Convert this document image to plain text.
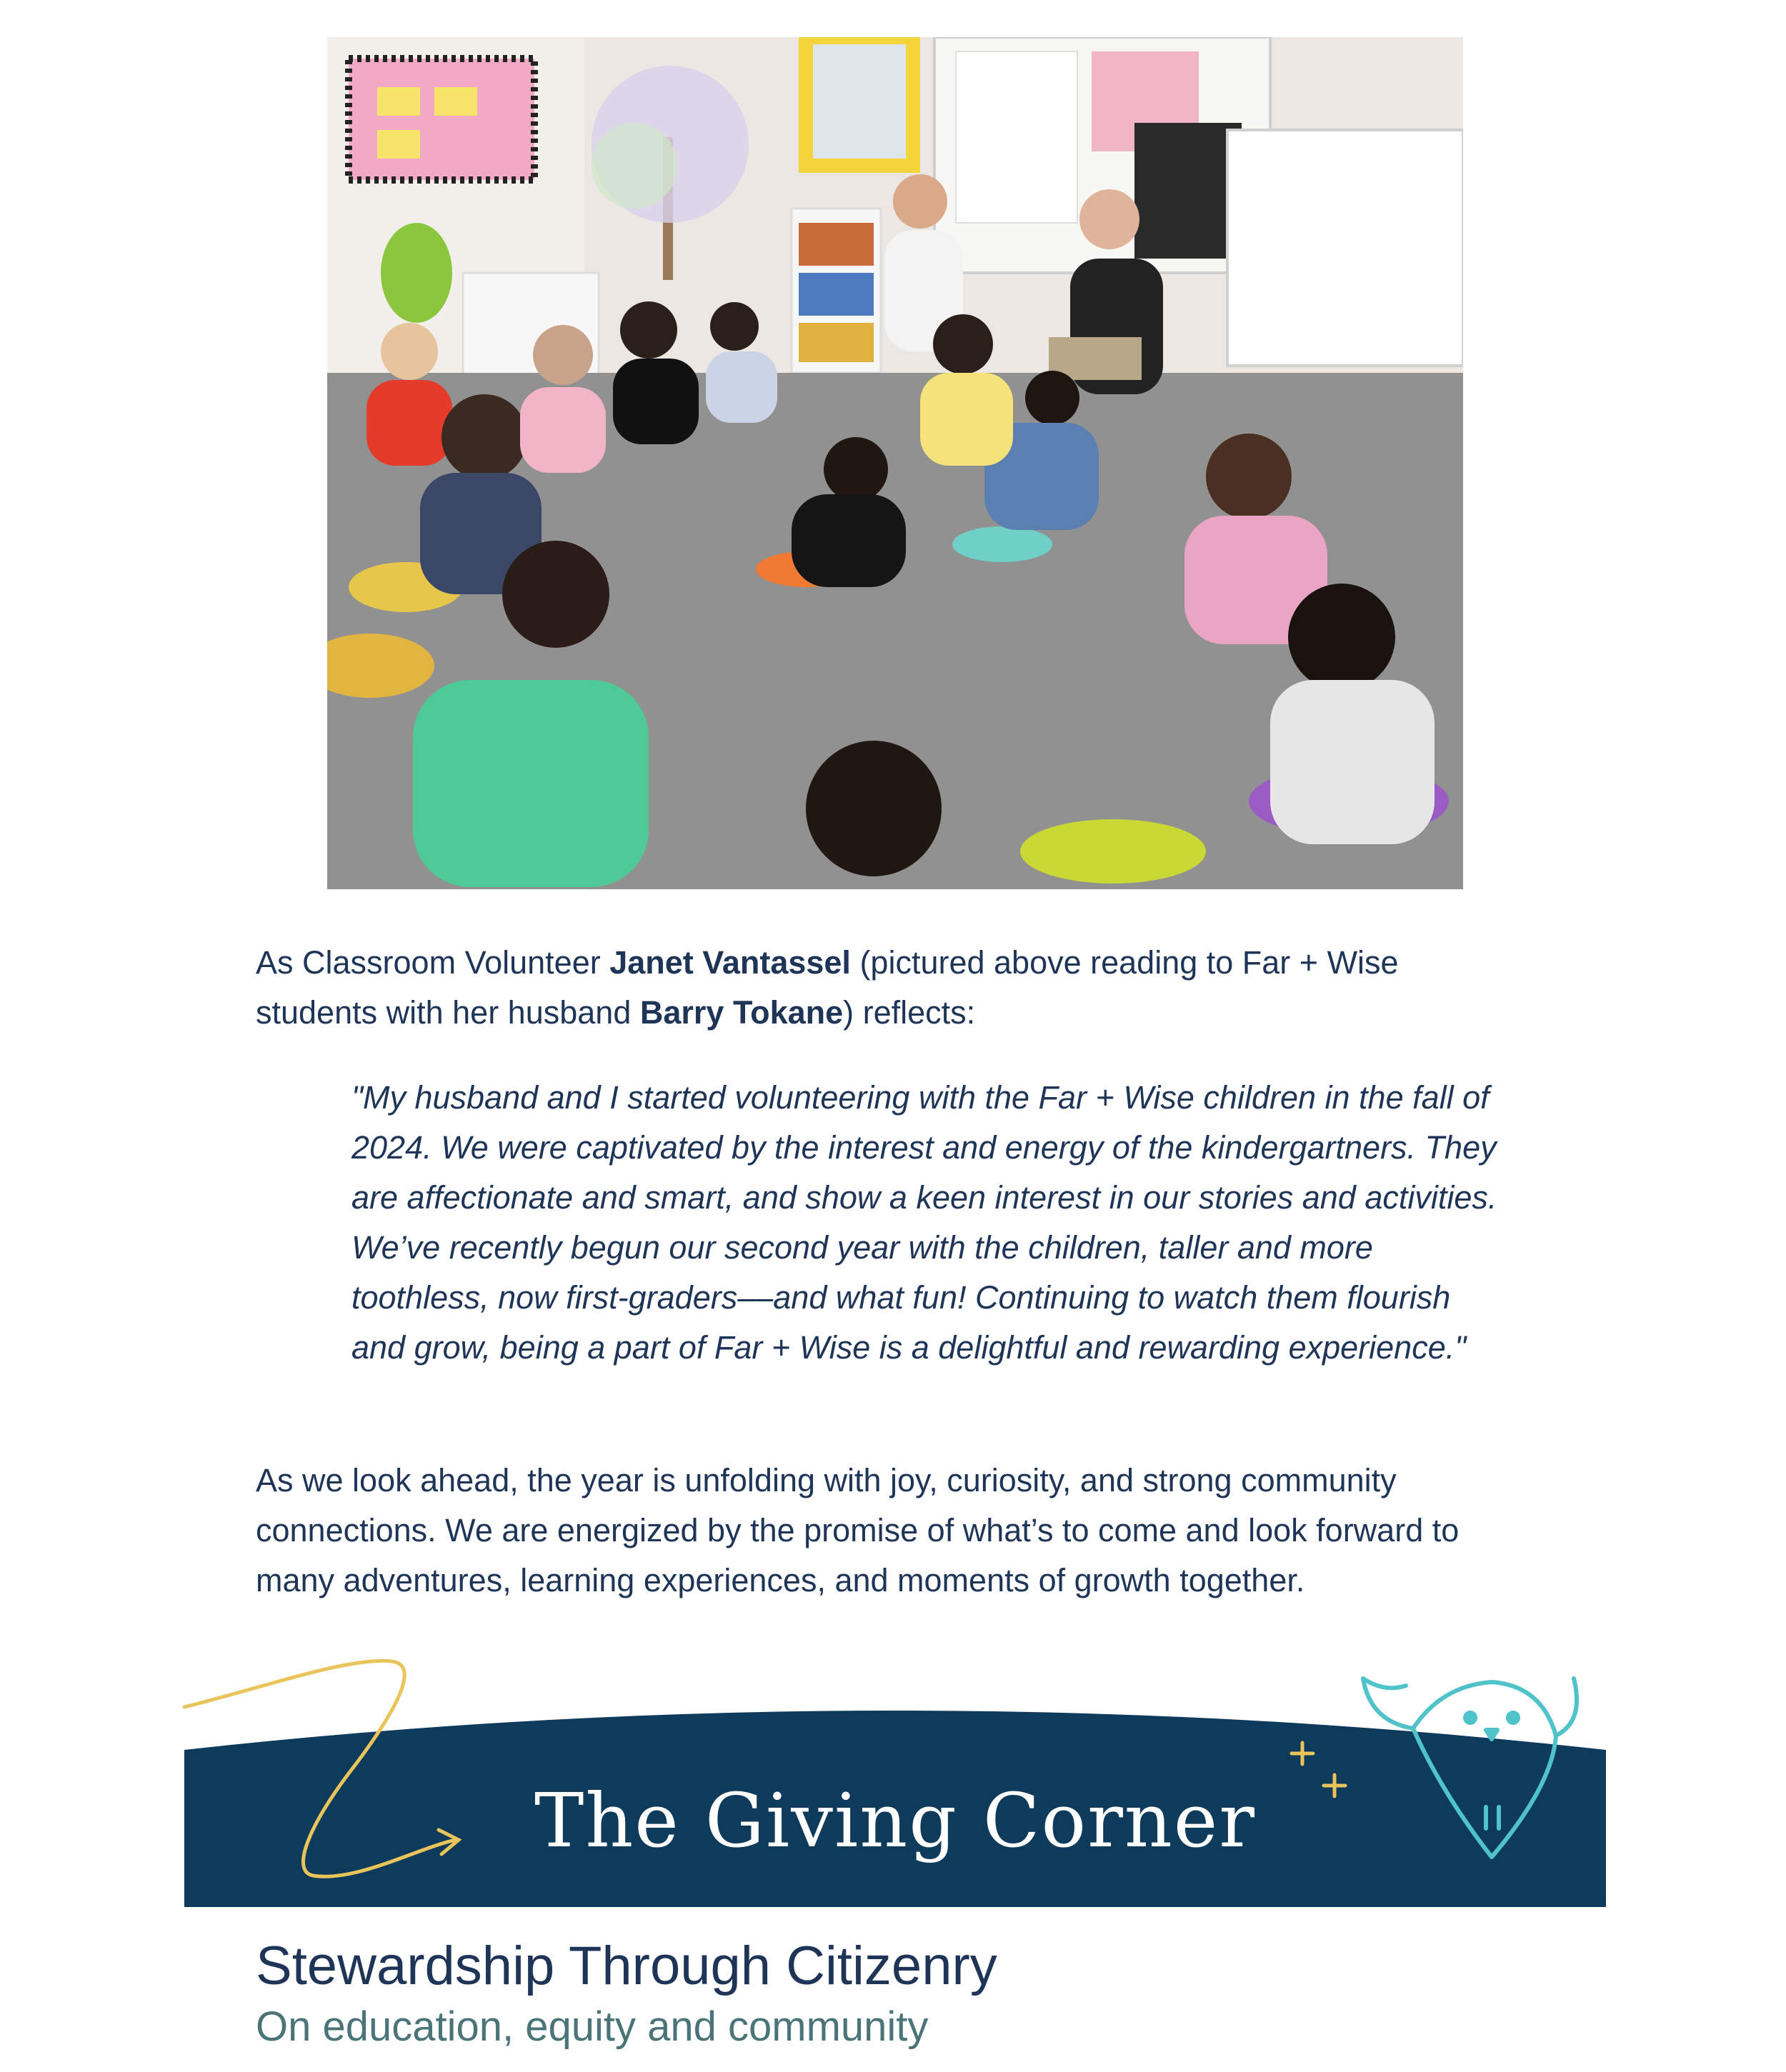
As Classroom Volunteer Janet Vantassel (pictured above reading to Far + Wise students with her husband Barry Tokane) reflects:

"My husband and I started volunteering with the Far + Wise children in the fall of 2024. We were captivated by the interest and energy of the kindergartners. They are affectionate and smart, and show a keen interest in our stories and activities. We’ve recently begun our second year with the children, taller and more toothless, now first-graders––and what fun! Continuing to watch them flourish and grow, being a part of Far + Wise is a delightful and rewarding experience."

As we look ahead, the year is unfolding with joy, curiosity, and strong community connections. We are energized by the promise of what’s to come and look forward to many adventures, learning experiences, and moments of growth together.

The Giving Corner

Stewardship Through Citizenry
On education, equity and community
